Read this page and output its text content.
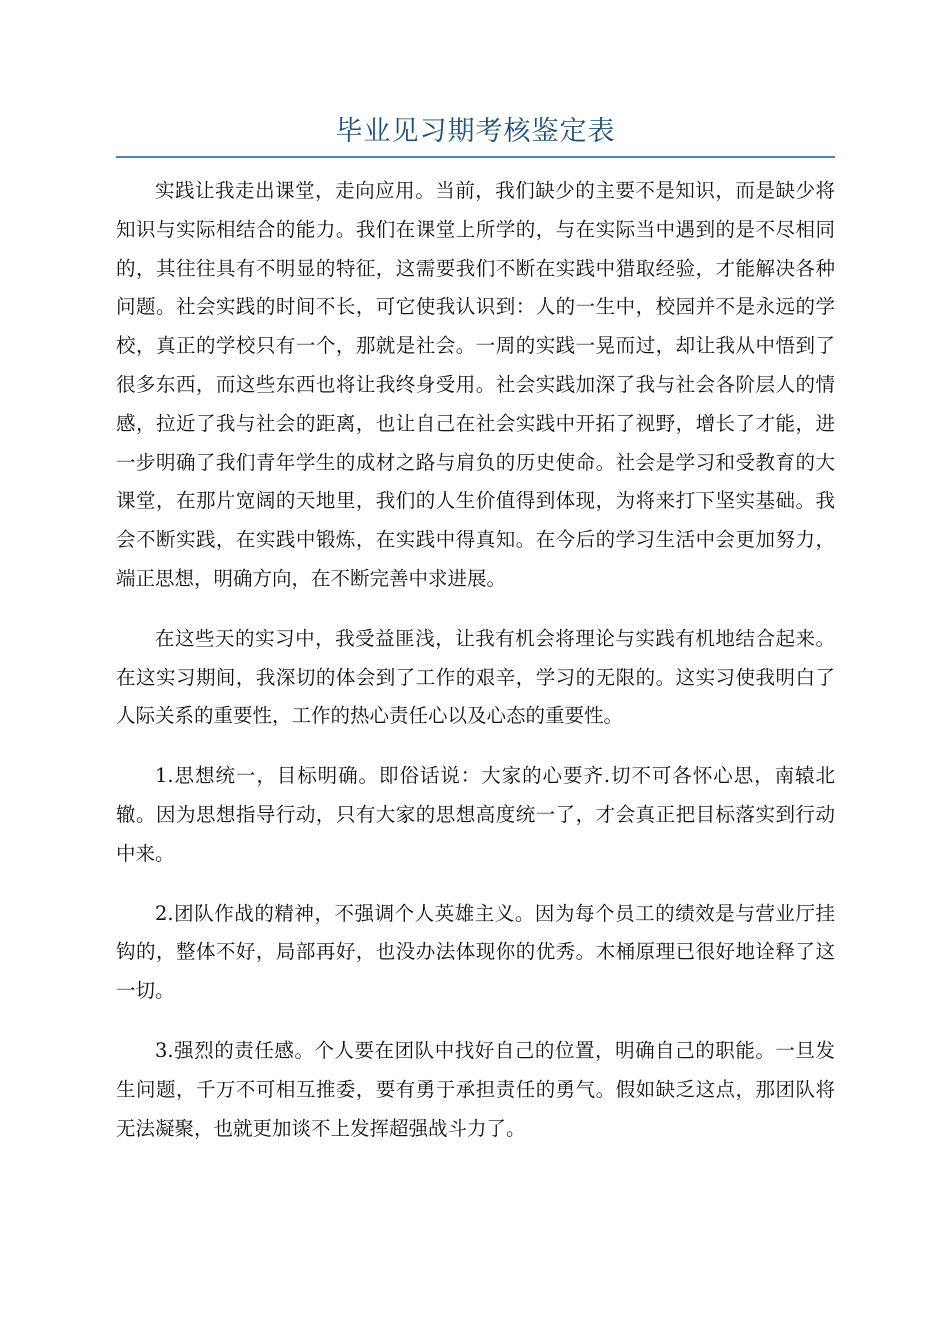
毕业见习期考核鉴定表

实践让我走出课堂，走向应用。当前，我们缺少的主要不是知识，而是缺少将知识与实际相结合的能力。我们在课堂上所学的，与在实际当中遇到的是不尽相同的，其往往具有不明显的特征，这需要我们不断在实践中猎取经验，才能解决各种问题。社会实践的时间不长，可它使我认识到：人的一生中，校园并不是永远的学校，真正的学校只有一个，那就是社会。一周的实践一晃而过，却让我从中悟到了很多东西，而这些东西也将让我终身受用。社会实践加深了我与社会各阶层人的情感，拉近了我与社会的距离，也让自己在社会实践中开拓了视野，增长了才能，进一步明确了我们青年学生的成材之路与肩负的历史使命。社会是学习和受教育的大课堂，在那片宽阔的天地里，我们的人生价值得到体现，为将来打下坚实基础。我会不断实践，在实践中锻炼，在实践中得真知。在今后的学习生活中会更加努力，端正思想，明确方向，在不断完善中求进展。

在这些天的实习中，我受益匪浅，让我有机会将理论与实践有机地结合起来。在这实习期间，我深切的体会到了工作的艰辛，学习的无限的。这实习使我明白了人际关系的重要性，工作的热心责任心以及心态的重要性。

1.思想统一，目标明确。即俗话说：大家的心要齐.切不可各怀心思，南辕北辙。因为思想指导行动，只有大家的思想高度统一了，才会真正把目标落实到行动中来。

2.团队作战的精神，不强调个人英雄主义。因为每个员工的绩效是与营业厅挂钩的，整体不好，局部再好，也没办法体现你的优秀。木桶原理已很好地诠释了这一切。

3.强烈的责任感。个人要在团队中找好自己的位置，明确自己的职能。一旦发生问题，千万不可相互推委，要有勇于承担责任的勇气。假如缺乏这点，那团队将无法凝聚，也就更加谈不上发挥超强战斗力了。
